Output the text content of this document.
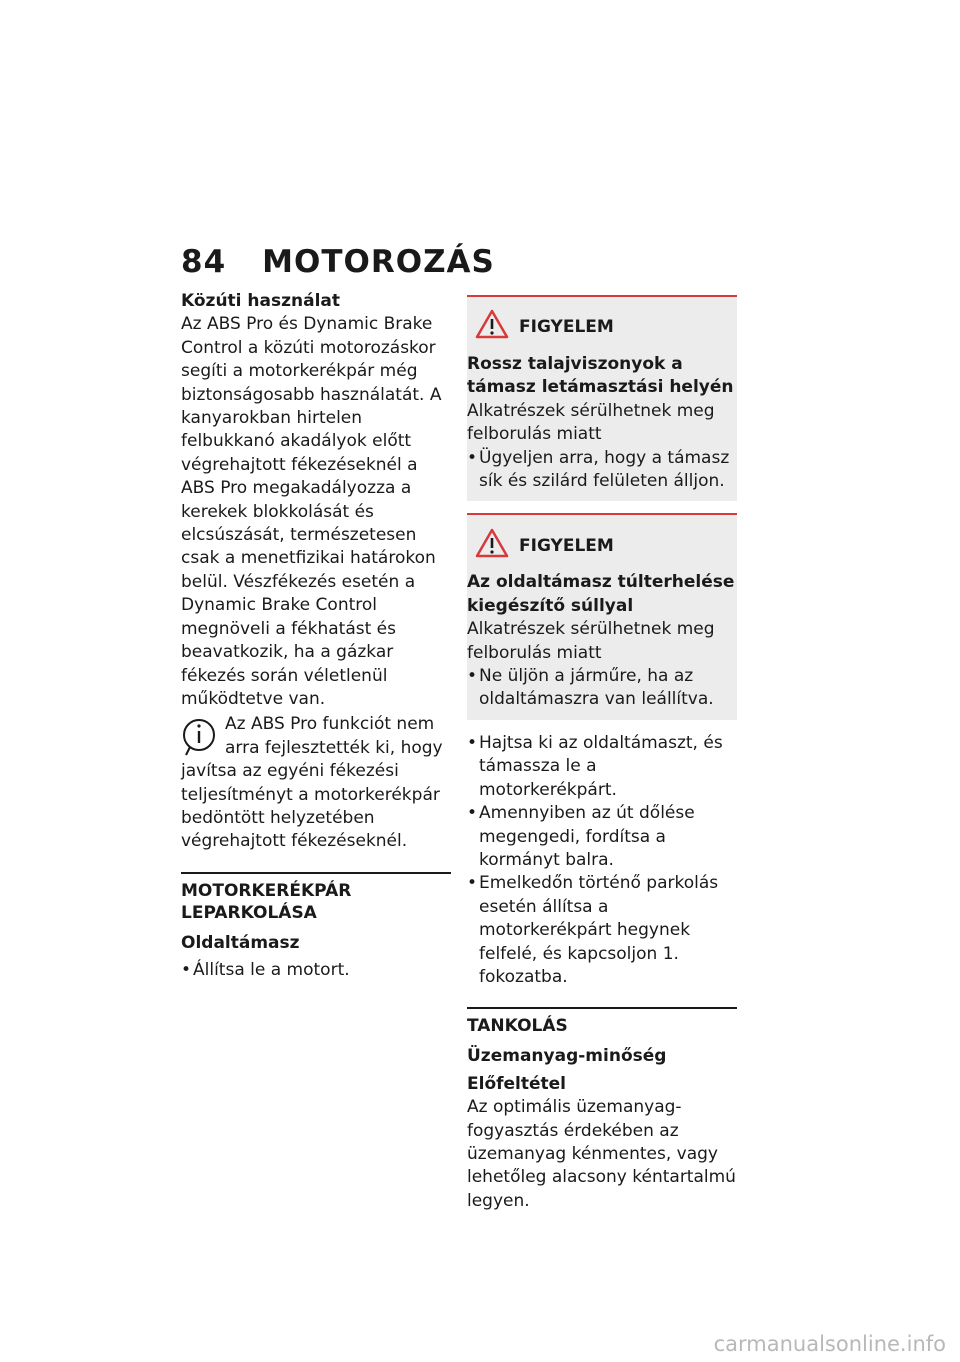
84 MOTOROZÁS

Közúti használat

Az ABS Pro és Dynamic Brake Control a közúti motorozáskor segíti a motorkerékpár még biztonságosabb használatát. A kanyarokban hirtelen felbukkanó akadályok előtt végrehajtott fékezéseknél a ABS Pro megakadályozza a kerekek blokkolását és elcsúszását, természetesen csak a menetfizikai határokon belül. Vészfékezés esetén a Dynamic Brake Control megnöveli a fékhatást és beavatkozik, ha a gázkar fékezés során véletlenül működtetve van.

Az ABS Pro funkciót nem arra fejlesztették ki, hogy javítsa az egyéni fékezési teljesítményt a motorkerékpár bedöntött helyzetében végrehajtott fékezéseknél.

MOTORKERÉKPÁR LEPARKOLÁSA

Oldaltámasz

• Állítsa le a motort.

FIGYELEM

Rossz talajviszonyok a támasz letámasztási helyén

Alkatrészek sérülhetnek meg felborulás miatt

• Ügyeljen arra, hogy a támasz sík és szilárd felületen álljon.

FIGYELEM

Az oldaltámasz túlterhelése kiegészítő súllyal

Alkatrészek sérülhetnek meg felborulás miatt

• Ne üljön a járműre, ha az oldaltámaszra van leállítva.

• Hajtsa ki az oldaltámaszt, és támassza le a motorkerékpárt.

• Amennyiben az út dőlése megengedi, fordítsa a kormányt balra.

• Emelkedőn történő parkolás esetén állítsa a motorkerékpárt hegynek felfelé, és kapcsoljon 1. fokozatba.

TANKOLÁS

Üzemanyag-minőség

Előfeltétel

Az optimális üzemanyag-fogyasztás érdekében az üzemanyag kénmentes, vagy lehetőleg alacsony kéntartalmú legyen.

carmanualsonline.info
